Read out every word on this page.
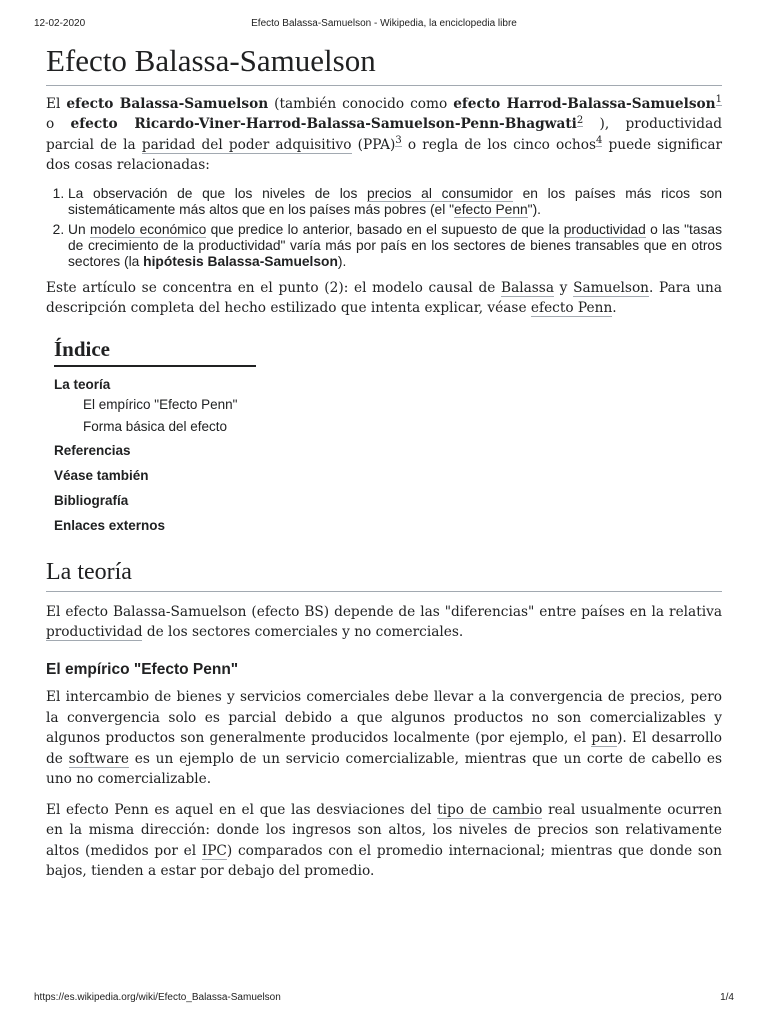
12-02-2020	Efecto Balassa-Samuelson - Wikipedia, la enciclopedia libre
Efecto Balassa-Samuelson

El efecto Balassa-Samuelson (también conocido como efecto Harrod-Balassa-Samuelson$^1$ o efecto Ricardo-Viner-Harrod-Balassa-Samuelson-Penn-Bhagwati$^2$ ), productividad parcial de la paridad del poder adquisitivo (PPA)$^3$ o regla de los cinco ochos$^4$ puede significar dos cosas relacionadas:

1. La observación de que los niveles de los precios al consumidor en los países más ricos son sistemáticamente más altos que en los países más pobres (el "efecto Penn").
2. Un modelo económico que predice lo anterior, basado en el supuesto de que la productividad o las "tasas de crecimiento de la productividad" varía más por país en los sectores de bienes transables que en otros sectores (la hipótesis Balassa-Samuelson).

Este artículo se concentra en el punto (2): el modelo causal de Balassa y Samuelson. Para una descripción completa del hecho estilizado que intenta explicar, véase efecto Penn.

Índice
La teoría
El empírico "Efecto Penn"
Forma básica del efecto
Referencias
Véase también
Bibliografía
Enlaces externos
La teoría

El efecto Balassa-Samuelson (efecto BS) depende de las "diferencias" entre países en la relativa productividad de los sectores comerciales y no comerciales.

El empírico "Efecto Penn"

El intercambio de bienes y servicios comerciales debe llevar a la convergencia de precios, pero la convergencia solo es parcial debido a que algunos productos no son comercializables y algunos productos son generalmente producidos localmente (por ejemplo, el pan). El desarrollo de software es un ejemplo de un servicio comercializable, mientras que un corte de cabello es uno no comercializable.

El efecto Penn es aquel en el que las desviaciones del tipo de cambio real usualmente ocurren en la misma dirección: donde los ingresos son altos, los niveles de precios son relativamente altos (medidos por el IPC) comparados con el promedio internacional; mientras que donde son bajos, tienden a estar por debajo del promedio.

https://es.wikipedia.org/wiki/Efecto_Balassa-Samuelson	1/4
